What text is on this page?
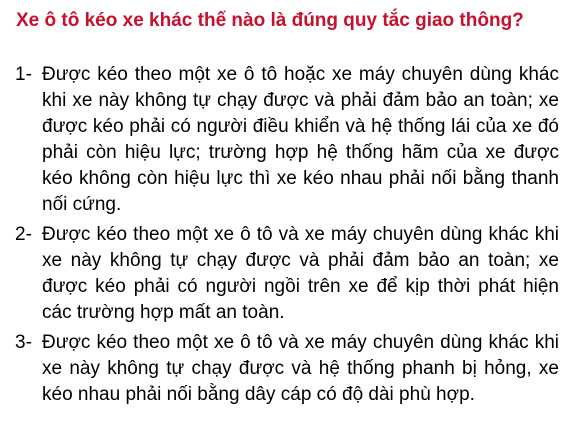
Xe ô tô kéo xe khác thế nào là đúng quy tắc giao thông?
1- Được kéo theo một xe ô tô hoặc xe máy chuyên dùng khác khi xe này không tự chạy được và phải đảm bảo an toàn; xe được kéo phải có người điều khiển và hệ thống lái của xe đó phải còn hiệu lực; trường hợp hệ thống hãm của xe được kéo không còn hiệu lực thì xe kéo nhau phải nối bằng thanh nối cứng.
2- Được kéo theo một xe ô tô và xe máy chuyên dùng khác khi xe này không tự chạy được và phải đảm bảo an toàn; xe được kéo phải có người ngồi trên xe để kịp thời phát hiện các trường hợp mất an toàn.
3- Được kéo theo một xe ô tô và xe máy chuyên dùng khác khi xe này không tự chạy được và hệ thống phanh bị hỏng, xe kéo nhau phải nối bằng dây cáp có độ dài phù hợp.
